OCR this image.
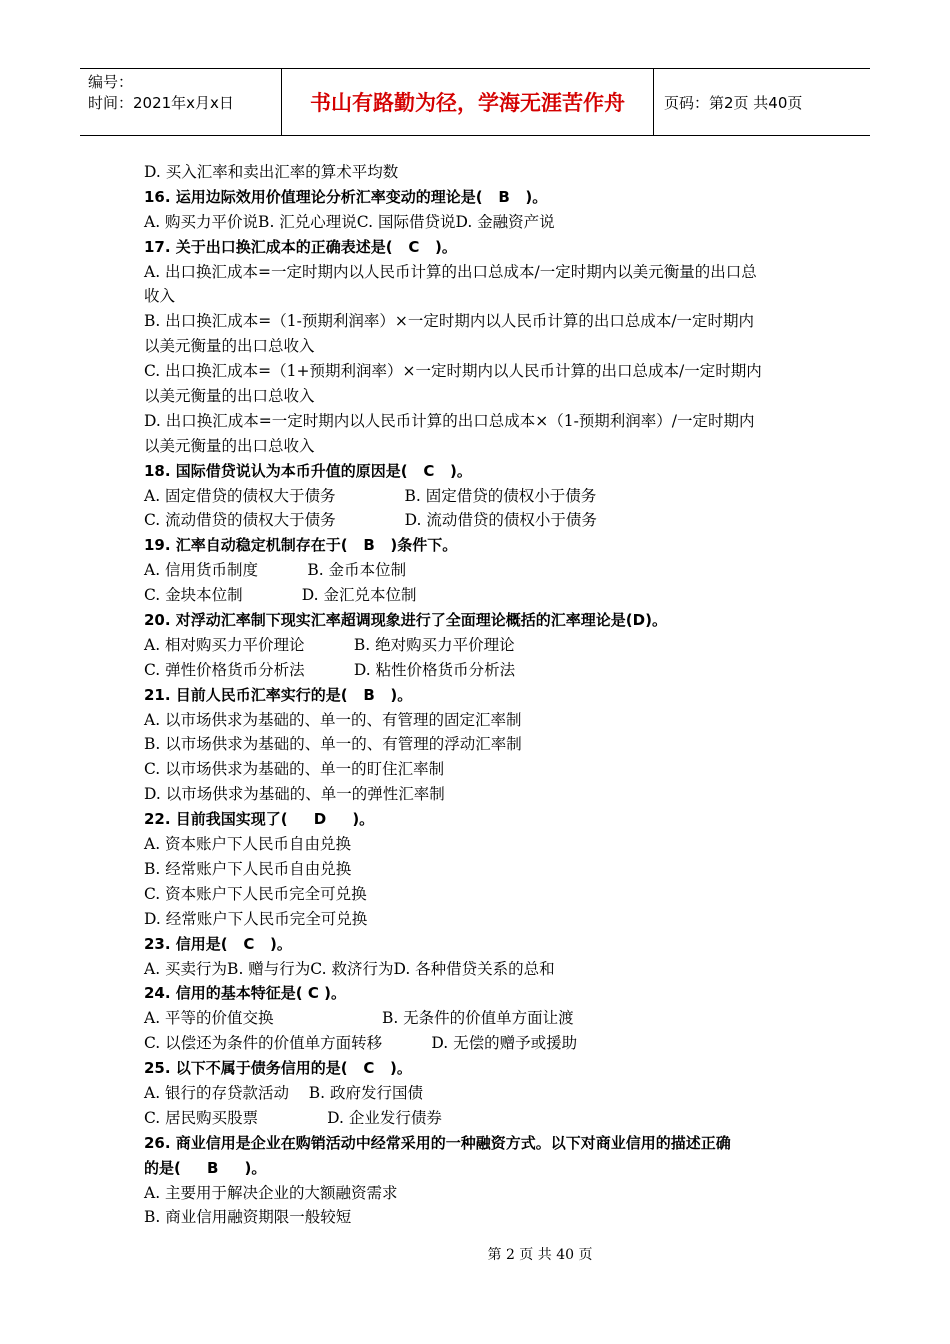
编号：
时间：2021年x月x日	书山有路勤为径，学海无涯苦作舟	页码：第2页 共40页
D. 买入汇率和卖出汇率的算术平均数
16. 运用边际效用价值理论分析汇率变动的理论是(   B   )。
A. 购买力平价说B. 汇兑心理说C. 国际借贷说D. 金融资产说
17. 关于出口换汇成本的正确表述是(   C   )。
A. 出口换汇成本=一定时期内以人民币计算的出口总成本/一定时期内以美元衡量的出口总
收入
B. 出口换汇成本=（1-预期利润率）×一定时期内以人民币计算的出口总成本/一定时期内
以美元衡量的出口总收入
C. 出口换汇成本=（1+预期利润率）×一定时期内以人民币计算的出口总成本/一定时期内
以美元衡量的出口总收入
D. 出口换汇成本=一定时期内以人民币计算的出口总成本×（1-预期利润率）/一定时期内
以美元衡量的出口总收入
18. 国际借贷说认为本币升值的原因是(   C   )。
A. 固定借贷的债权大于债务              B. 固定借贷的债权小于债务
C. 流动借贷的债权大于债务              D. 流动借贷的债权小于债务
19. 汇率自动稳定机制存在于(   B   )条件下。
A. 信用货币制度          B. 金币本位制
C. 金块本位制            D. 金汇兑本位制
20. 对浮动汇率制下现实汇率超调现象进行了全面理论概括的汇率理论是(D)。
A. 相对购买力平价理论          B. 绝对购买力平价理论
C. 弹性价格货币分析法          D. 粘性价格货币分析法
21. 目前人民币汇率实行的是(   B   )。
A. 以市场供求为基础的、单一的、有管理的固定汇率制
B. 以市场供求为基础的、单一的、有管理的浮动汇率制
C. 以市场供求为基础的、单一的盯住汇率制
D. 以市场供求为基础的、单一的弹性汇率制
22. 目前我国实现了(     D     )。
A. 资本账户下人民币自由兑换
B. 经常账户下人民币自由兑换
C. 资本账户下人民币完全可兑换
D. 经常账户下人民币完全可兑换
23. 信用是(   C   )。
A. 买卖行为B. 赠与行为C. 救济行为D. 各种借贷关系的总和
24. 信用的基本特征是( C )。
A. 平等的价值交换                      B. 无条件的价值单方面让渡
C. 以偿还为条件的价值单方面转移          D. 无偿的赠予或援助
25. 以下不属于债务信用的是(   C   )。
A. 银行的存贷款活动    B. 政府发行国债
C. 居民购买股票              D. 企业发行债券
26. 商业信用是企业在购销活动中经常采用的一种融资方式。以下对商业信用的描述正确
的是(     B     )。
A. 主要用于解决企业的大额融资需求
B. 商业信用融资期限一般较短
第 2 页 共 40 页
